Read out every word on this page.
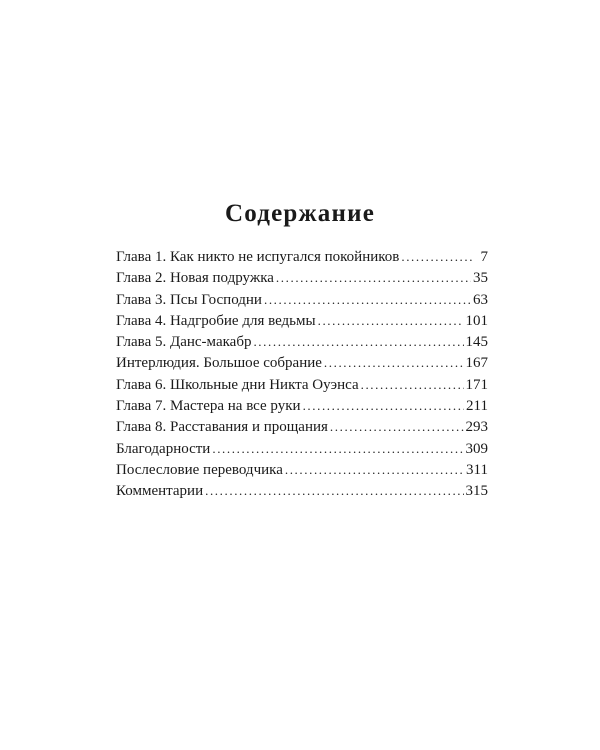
Содержание
Глава 1. Как никто не испугался покойников .....	7
Глава 2. Новая подружка .....	35
Глава 3. Псы Господни .....	63
Глава 4. Надгробие для ведьмы .....	101
Глава 5. Данс-макабр .....	145
Интерлюдия. Большое собрание .....	167
Глава 6. Школьные дни Никта Оуэнса .....	171
Глава 7. Мастера на все руки .....	211
Глава 8. Расставания и прощания .....	293
Благодарности .....	309
Послесловие переводчика .....	311
Комментарии .....	315
